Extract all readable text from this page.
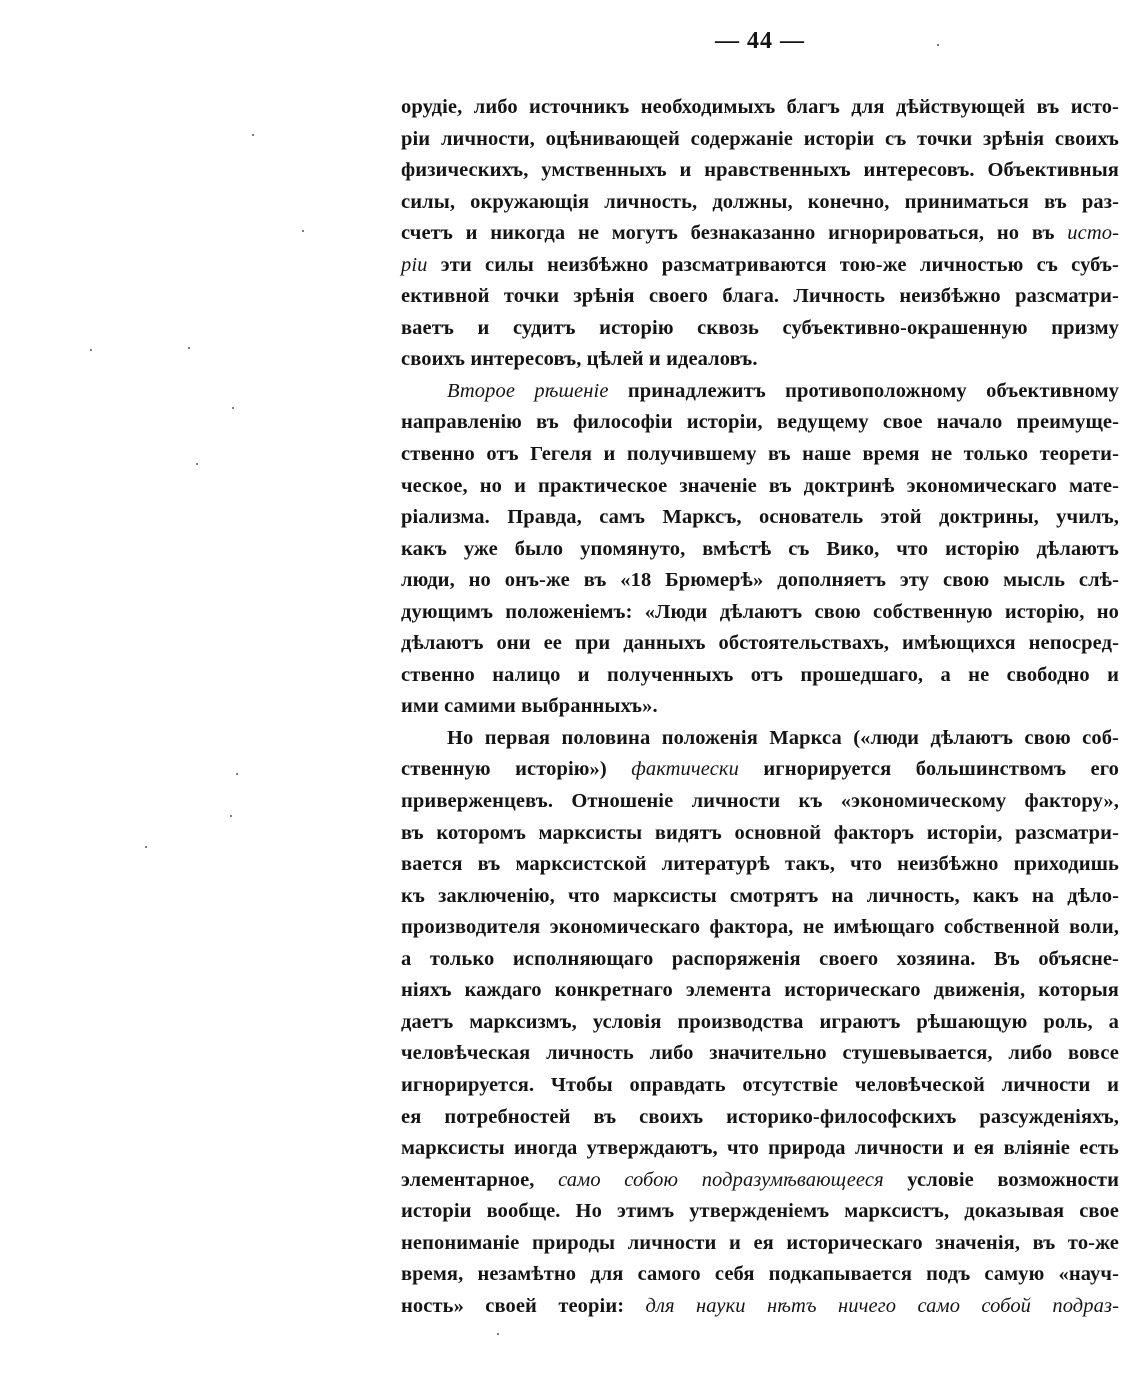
— 44 —
орудіе, либо источникъ необходимыхъ благъ для дѣйствующей въ исто-
ріи личности, оцѣнивающей содержаніе исторіи съ точки зрѣнія своихъ
физическихъ, умственныхъ и нравственныхъ интересовъ. Объективныя
силы, окружающія личность, должны, конечно, приниматься въ раз-
счетъ и никогда не могутъ безнаказанно игнорироваться, но въ исто-
ріи эти силы неизбѣжно разсматриваются тою-же личностью съ субъ-
ективной точки зрѣнія своего блага. Личность неизбѣжно разсматри-
ваетъ и судитъ исторію сквозь субъективно-окрашенную призму
своихъ интересовъ, цѣлей и идеаловъ.
Второе рѣшеніе принадлежитъ противоположному объективному
направленію въ философіи исторіи, ведущему свое начало преимуще-
ственно отъ Гегеля и получившему въ наше время не только теорети-
ческое, но и практическое значеніе въ доктринѣ экономическаго мате-
ріализма. Правда, самъ Марксъ, основатель этой доктрины, училъ,
какъ уже было упомянуто, вмѣстѣ съ Вико, что исторію дѣлаютъ
люди, но онъ-же въ «18 Брюмерѣ» дополняетъ эту свою мысль слѣ-
дующимъ положеніемъ: «Люди дѣлаютъ свою собственную исторію, но
дѣлаютъ они ее при данныхъ обстоятельствахъ, имѣющихся непосред-
ственно налицо и полученныхъ отъ прошедшаго, а не свободно и
ими самими выбранныхъ».
Но первая половина положенія Маркса («люди дѣлаютъ свою соб-
ственную исторію») фактически игнорируется большинствомъ его
приверженцевъ. Отношеніе личности къ «экономическому фактору»,
въ которомъ марксисты видятъ основной факторъ исторіи, разсматри-
вается въ марксистской литературѣ такъ, что неизбѣжно приходишь
къ заключенію, что марксисты смотрятъ на личность, какъ на дѣло-
производителя экономическаго фактора, не имѣющаго собственной воли,
а только исполняющаго распоряженія своего хозяина. Въ объясне-
ніяхъ каждаго конкретнаго элемента историческаго движенія, которыя
даетъ марксизмъ, условія производства играютъ рѣшающую роль, а
человѣческая личность либо значительно стушевывается, либо вовсе
игнорируется. Чтобы оправдать отсутствіе человѣческой личности и
ея потребностей въ своихъ историко-философскихъ разсужденіяхъ,
марксисты иногда утверждаютъ, что природа личности и ея вліяніе есть
элементарное, само собою подразумѣвающееся условіе возможности
исторіи вообще. Но этимъ утвержденіемъ марксистъ, доказывая свое
непониманіе природы личности и ея историческаго значенія, въ то-же
время, незамѣтно для самого себя подкапывается подъ самую «науч-
ность» своей теоріи: для науки нѣтъ ничего само собой подраз-
